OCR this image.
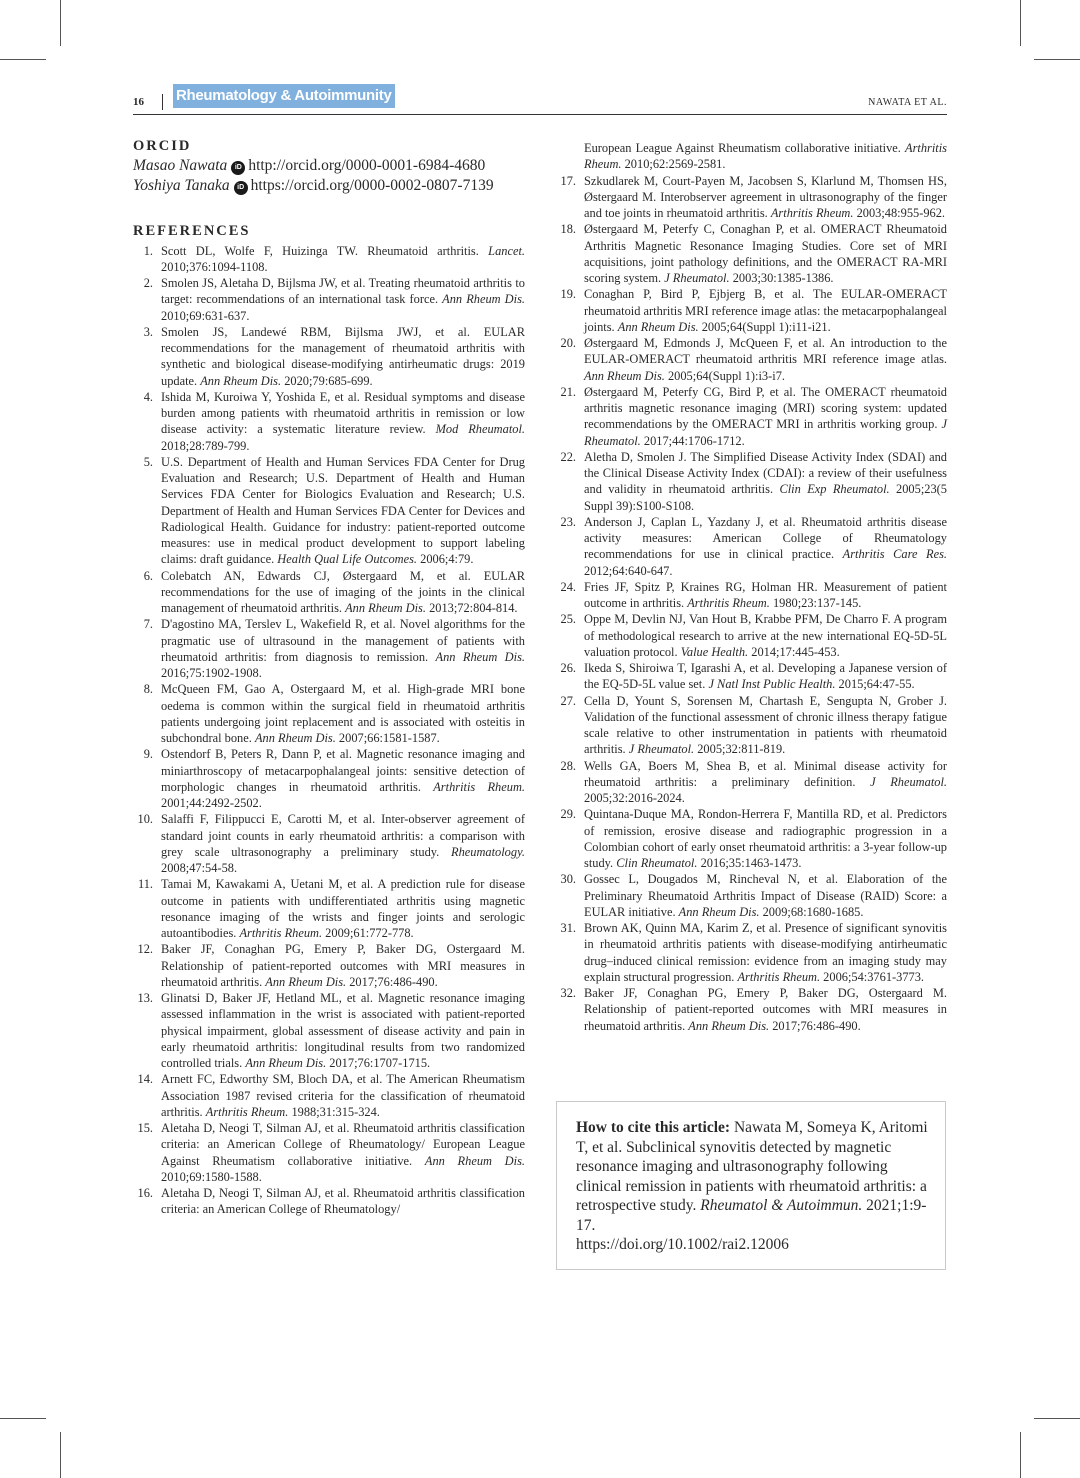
16 Rheumatology & Autoimmunity	NAWATA ET AL.
ORCID
Masao Nawata iD http://orcid.org/0000-0001-6984-4680
Yoshiya Tanaka iD https://orcid.org/0000-0002-0807-7139
REFERENCES
1. Scott DL, Wolfe F, Huizinga TW. Rheumatoid arthritis. Lancet. 2010;376:1094-1108.
2. Smolen JS, Aletaha D, Bijlsma JW, et al. Treating rheumatoid arthritis to target: recommendations of an international task force. Ann Rheum Dis. 2010;69:631-637.
3. Smolen JS, Landewé RBM, Bijlsma JWJ, et al. EULAR recommendations for the management of rheumatoid arthritis with synthetic and biological disease-modifying antirheumatic drugs: 2019 update. Ann Rheum Dis. 2020;79:685-699.
4. Ishida M, Kuroiwa Y, Yoshida E, et al. Residual symptoms and disease burden among patients with rheumatoid arthritis in remission or low disease activity: a systematic literature review. Mod Rheumatol. 2018;28:789-799.
5. U.S. Department of Health and Human Services FDA Center for Drug Evaluation and Research; U.S. Department of Health and Human Services FDA Center for Biologics Evaluation and Research; U.S. Department of Health and Human Services FDA Center for Devices and Radiological Health. Guidance for industry: patient-reported outcome measures: use in medical product development to support labeling claims: draft guidance. Health Qual Life Outcomes. 2006;4:79.
6. Colebatch AN, Edwards CJ, Østergaard M, et al. EULAR recommendations for the use of imaging of the joints in the clinical management of rheumatoid arthritis. Ann Rheum Dis. 2013;72:804-814.
7. D'agostino MA, Terslev L, Wakefield R, et al. Novel algorithms for the pragmatic use of ultrasound in the management of patients with rheumatoid arthritis: from diagnosis to remission. Ann Rheum Dis. 2016;75:1902-1908.
8. McQueen FM, Gao A, Ostergaard M, et al. High-grade MRI bone oedema is common within the surgical field in rheumatoid arthritis patients undergoing joint replacement and is associated with osteitis in subchondral bone. Ann Rheum Dis. 2007;66:1581-1587.
9. Ostendorf B, Peters R, Dann P, et al. Magnetic resonance imaging and miniarthroscopy of metacarpophalangeal joints: sensitive detection of morphologic changes in rheumatoid arthritis. Arthritis Rheum. 2001;44:2492-2502.
10. Salaffi F, Filippucci E, Carotti M, et al. Inter-observer agreement of standard joint counts in early rheumatoid arthritis: a comparison with grey scale ultrasonography a preliminary study. Rheumatology. 2008;47:54-58.
11. Tamai M, Kawakami A, Uetani M, et al. A prediction rule for disease outcome in patients with undifferentiated arthritis using magnetic resonance imaging of the wrists and finger joints and serologic autoantibodies. Arthritis Rheum. 2009;61:772-778.
12. Baker JF, Conaghan PG, Emery P, Baker DG, Ostergaard M. Relationship of patient-reported outcomes with MRI measures in rheumatoid arthritis. Ann Rheum Dis. 2017;76:486-490.
13. Glinatsi D, Baker JF, Hetland ML, et al. Magnetic resonance imaging assessed inflammation in the wrist is associated with patient-reported physical impairment, global assessment of disease activity and pain in early rheumatoid arthritis: longitudinal results from two randomized controlled trials. Ann Rheum Dis. 2017;76:1707-1715.
14. Arnett FC, Edworthy SM, Bloch DA, et al. The American Rheumatism Association 1987 revised criteria for the classification of rheumatoid arthritis. Arthritis Rheum. 1988;31:315-324.
15. Aletaha D, Neogi T, Silman AJ, et al. Rheumatoid arthritis classification criteria: an American College of Rheumatology/ European League Against Rheumatism collaborative initiative. Ann Rheum Dis. 2010;69:1580-1588.
16. Aletaha D, Neogi T, Silman AJ, et al. Rheumatoid arthritis classification criteria: an American College of Rheumatology/
European League Against Rheumatism collaborative initiative. Arthritis Rheum. 2010;62:2569-2581.
17. Szkudlarek M, Court-Payen M, Jacobsen S, Klarlund M, Thomsen HS, Østergaard M. Interobserver agreement in ultrasonography of the finger and toe joints in rheumatoid arthritis. Arthritis Rheum. 2003;48:955-962.
18. Østergaard M, Peterfy C, Conaghan P, et al. OMERACT Rheumatoid Arthritis Magnetic Resonance Imaging Studies. Core set of MRI acquisitions, joint pathology definitions, and the OMERACT RA-MRI scoring system. J Rheumatol. 2003;30:1385-1386.
19. Conaghan P, Bird P, Ejbjerg B, et al. The EULAR-OMERACT rheumatoid arthritis MRI reference image atlas: the metacarpophalangeal joints. Ann Rheum Dis. 2005;64(Suppl 1):i11-i21.
20. Østergaard M, Edmonds J, McQueen F, et al. An introduction to the EULAR-OMERACT rheumatoid arthritis MRI reference image atlas. Ann Rheum Dis. 2005;64(Suppl 1):i3-i7.
21. Østergaard M, Peterfy CG, Bird P, et al. The OMERACT rheumatoid arthritis magnetic resonance imaging (MRI) scoring system: updated recommendations by the OMERACT MRI in arthritis working group. J Rheumatol. 2017;44:1706-1712.
22. Aletha D, Smolen J. The Simplified Disease Activity Index (SDAI) and the Clinical Disease Activity Index (CDAI): a review of their usefulness and validity in rheumatoid arthritis. Clin Exp Rheumatol. 2005;23(5 Suppl 39):S100-S108.
23. Anderson J, Caplan L, Yazdany J, et al. Rheumatoid arthritis disease activity measures: American College of Rheumatology recommendations for use in clinical practice. Arthritis Care Res. 2012;64:640-647.
24. Fries JF, Spitz P, Kraines RG, Holman HR. Measurement of patient outcome in arthritis. Arthritis Rheum. 1980;23:137-145.
25. Oppe M, Devlin NJ, Van Hout B, Krabbe PFM, De Charro F. A program of methodological research to arrive at the new international EQ-5D-5L valuation protocol. Value Health. 2014;17:445-453.
26. Ikeda S, Shiroiwa T, Igarashi A, et al. Developing a Japanese version of the EQ-5D-5L value set. J Natl Inst Public Health. 2015;64:47-55.
27. Cella D, Yount S, Sorensen M, Chartash E, Sengupta N, Grober J. Validation of the functional assessment of chronic illness therapy fatigue scale relative to other instrumentation in patients with rheumatoid arthritis. J Rheumatol. 2005;32:811-819.
28. Wells GA, Boers M, Shea B, et al. Minimal disease activity for rheumatoid arthritis: a preliminary definition. J Rheumatol. 2005;32:2016-2024.
29. Quintana-Duque MA, Rondon-Herrera F, Mantilla RD, et al. Predictors of remission, erosive disease and radiographic progression in a Colombian cohort of early onset rheumatoid arthritis: a 3-year follow-up study. Clin Rheumatol. 2016;35:1463-1473.
30. Gossec L, Dougados M, Rincheval N, et al. Elaboration of the Preliminary Rheumatoid Arthritis Impact of Disease (RAID) Score: a EULAR initiative. Ann Rheum Dis. 2009;68:1680-1685.
31. Brown AK, Quinn MA, Karim Z, et al. Presence of significant synovitis in rheumatoid arthritis patients with disease-modifying antirheumatic drug–induced clinical remission: evidence from an imaging study may explain structural progression. Arthritis Rheum. 2006;54:3761-3773.
32. Baker JF, Conaghan PG, Emery P, Baker DG, Ostergaard M. Relationship of patient-reported outcomes with MRI measures in rheumatoid arthritis. Ann Rheum Dis. 2017;76:486-490.
How to cite this article: Nawata M, Someya K, Aritomi T, et al. Subclinical synovitis detected by magnetic resonance imaging and ultrasonography following clinical remission in patients with rheumatoid arthritis: a retrospective study. Rheumatol & Autoimmun. 2021;1:9-17.
https://doi.org/10.1002/rai2.12006
